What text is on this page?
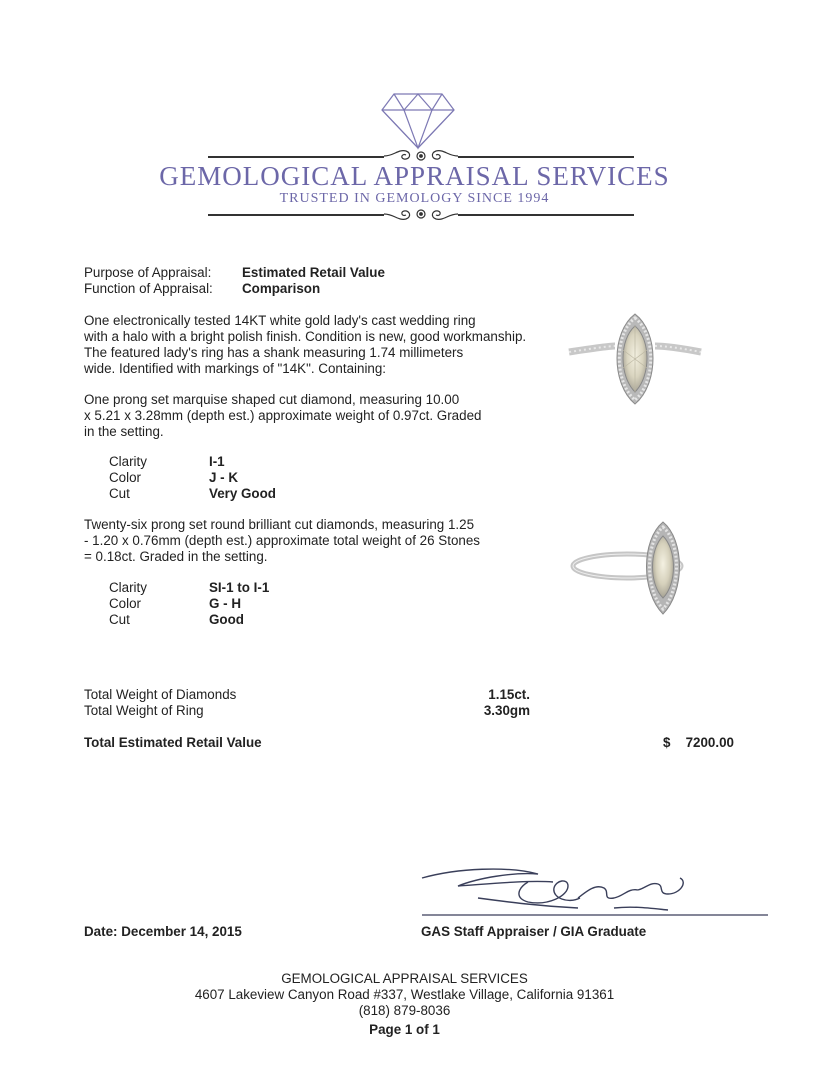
GEMOLOGICAL APPRAISAL SERVICES
TRUSTED IN GEMOLOGY SINCE 1994
Purpose of Appraisal: Estimated Retail Value
Function of Appraisal: Comparison
One electronically tested 14KT white gold lady's cast wedding ring
with a halo with a bright polish finish. Condition is new, good workmanship.
The featured lady's ring has a shank measuring 1.74 millimeters
wide. Identified with markings of "14K". Containing:
One prong set marquise shaped cut diamond, measuring 10.00
x 5.21 x 3.28mm (depth est.) approximate weight of 0.97ct. Graded
in the setting.
Clarity	I-1
Color	J - K
Cut	Very Good
Twenty-six prong set round brilliant cut diamonds, measuring 1.25
- 1.20 x 0.76mm (depth est.) approximate total weight of 26 Stones
= 0.18ct. Graded in the setting.
Clarity	SI-1 to I-1
Color	G - H
Cut	Good
Total Weight of Diamonds	1.15ct.
Total Weight of Ring	3.30gm
Total Estimated Retail Value	$	7200.00
Date: December 14, 2015	GAS Staff Appraiser / GIA Graduate
GEMOLOGICAL APPRAISAL SERVICES
4607 Lakeview Canyon Road #337, Westlake Village, California 91361
(818) 879-8036
Page 1 of 1
